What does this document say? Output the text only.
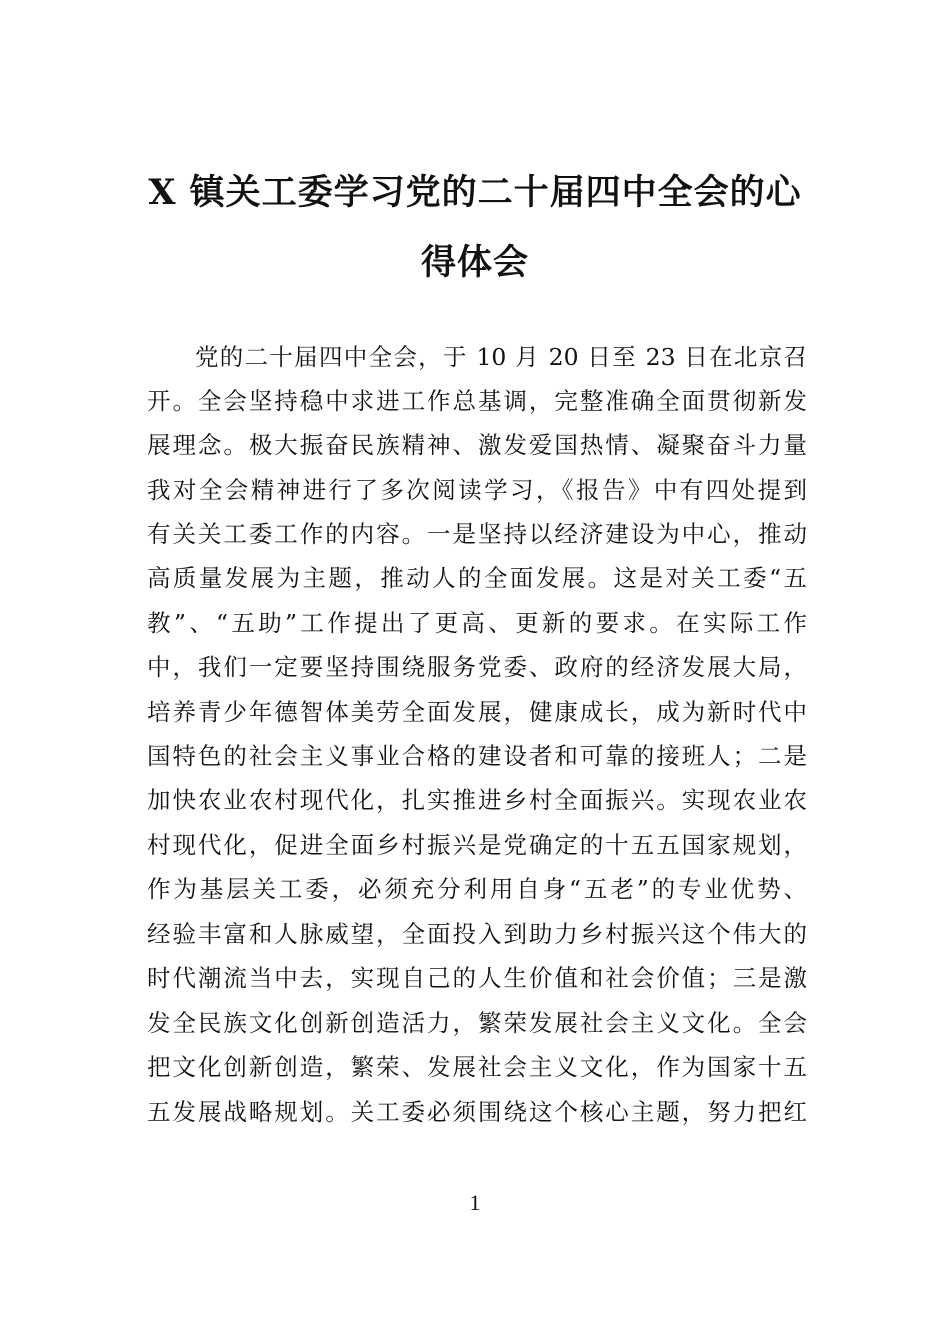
X 镇关工委学习党的二十届四中全会的心
得体会
党的二十届四中全会，于 10 月 20 日至 23 日在北京召
开。全会坚持稳中求进工作总基调，完整准确全面贯彻新发
展理念。极大振奋民族精神、激发爱国热情、凝聚奋斗力量
我对全会精神进行了多次阅读学习，《报告》中有四处提到
有关关工委工作的内容。一是坚持以经济建设为中心，推动
高质量发展为主题，推动人的全面发展。这是对关工委“五
教”、“五助”工作提出了更高、更新的要求。在实际工作
中，我们一定要坚持围绕服务党委、政府的经济发展大局，
培养青少年德智体美劳全面发展，健康成长，成为新时代中
国特色的社会主义事业合格的建设者和可靠的接班人；二是
加快农业农村现代化，扎实推进乡村全面振兴。实现农业农
村现代化，促进全面乡村振兴是党确定的十五五国家规划，
作为基层关工委，必须充分利用自身“五老”的专业优势、
经验丰富和人脉威望，全面投入到助力乡村振兴这个伟大的
时代潮流当中去，实现自己的人生价值和社会价值；三是激
发全民族文化创新创造活力，繁荣发展社会主义文化。全会
把文化创新创造，繁荣、发展社会主义文化，作为国家十五
五发展战略规划。关工委必须围绕这个核心主题，努力把红
1
